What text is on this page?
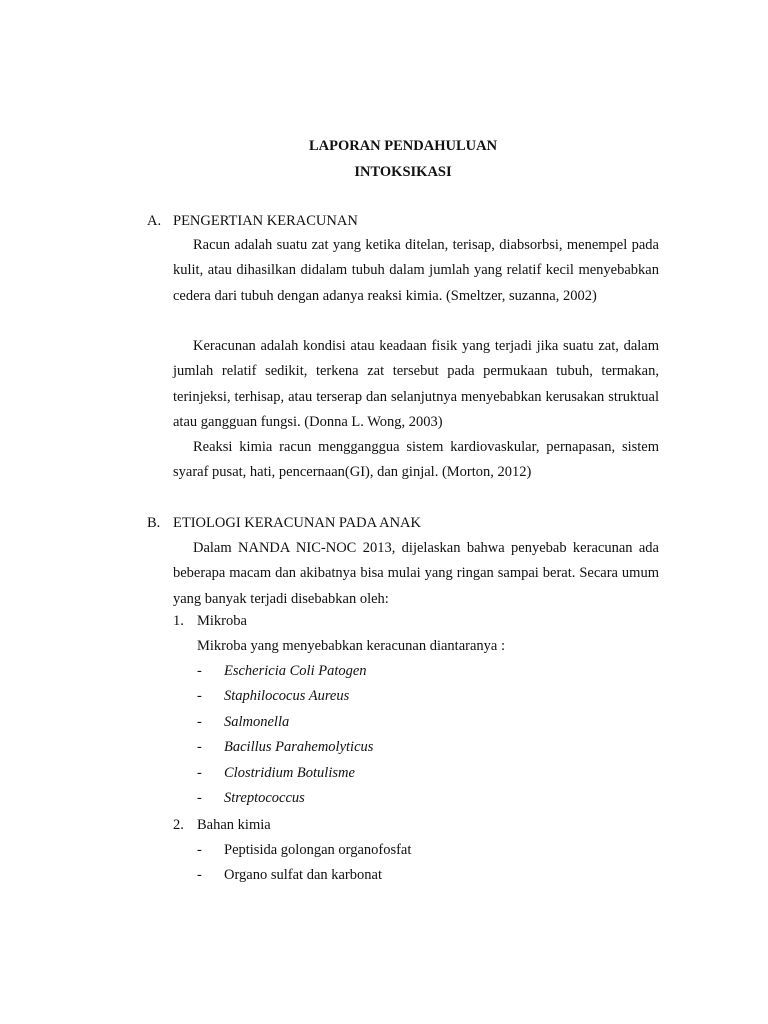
LAPORAN PENDAHULUAN
INTOKSIKASI
A. PENGERTIAN KERACUNAN

Racun adalah suatu zat yang ketika ditelan, terisap, diabsorbsi, menempel pada kulit, atau dihasilkan didalam tubuh dalam jumlah yang relatif kecil menyebabkan cedera dari tubuh dengan adanya reaksi kimia. (Smeltzer, suzanna, 2002)

Keracunan adalah kondisi atau keadaan fisik yang terjadi jika suatu zat, dalam jumlah relatif sedikit, terkena zat tersebut pada permukaan tubuh, termakan, terinjeksi, terhisap, atau terserap dan selanjutnya menyebabkan kerusakan struktual atau gangguan fungsi. (Donna L. Wong, 2003)

Reaksi kimia racun mengganggua sistem kardiovaskular, pernapasan, sistem syaraf pusat, hati, pencernaan(GI), dan ginjal. (Morton, 2012)

B. ETIOLOGI KERACUNAN PADA ANAK

Dalam NANDA NIC-NOC 2013, dijelaskan bahwa penyebab keracunan ada beberapa macam dan akibatnya bisa mulai yang ringan sampai berat. Secara umum yang banyak terjadi disebabkan oleh:

1. Mikroba
Mikroba yang menyebabkan keracunan diantaranya :
- Eschericia Coli Patogen
- Staphilococus Aureus
- Salmonella
- Bacillus Parahemolyticus
- Clostridium Botulisme
- Streptococcus
2. Bahan kimia
- Peptisida golongan organofosfat
- Organo sulfat dan karbonat
